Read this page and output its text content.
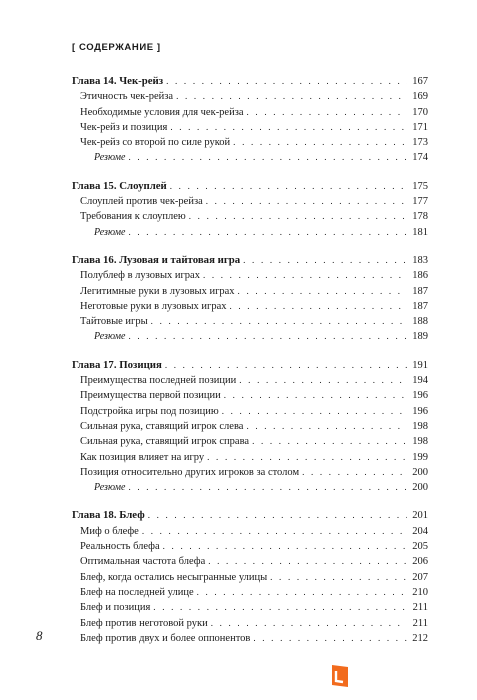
[ СОДЕРЖАНИЕ ]
Глава 14. Чек-рейз . . .	167
Этичность чек-рейза . . .	169
Необходимые условия для чек-рейза . . .	170
Чек-рейз и позиция . . .	171
Чек-рейз со второй по силе рукой . . .	173
Резюме . . .	174
Глава 15. Слоуплей . . .	175
Слоуплей против чек-рейза . . .	177
Требования к слоуплею . . .	178
Резюме . . .	181
Глава 16. Лузовая и тайтовая игра . . .	183
Полублеф в лузовых играх . . .	186
Легитимные руки в лузовых играх . . .	187
Неготовые руки в лузовых играх . . .	187
Тайтовые игры . . .	188
Резюме . . .	189
Глава 17. Позиция . . .	191
Преимущества последней позиции . . .	194
Преимущества первой позиции . . .	196
Подстройка игры под позицию . . .	196
Сильная рука, ставящий игрок слева . . .	198
Сильная рука, ставящий игрок справа . . .	198
Как позиция влияет на игру . . .	199
Позиция относительно других игроков за столом . . .	200
Резюме . . .	200
Глава 18. Блеф . . .	201
Миф о блефе . . .	204
Реальность блефа . . .	205
Оптимальная частота блефа . . .	206
Блеф, когда остались несыгранные улицы . . .	207
Блеф на последней улице . . .	210
Блеф и позиция . . .	211
Блеф против неготовой руки . . .	211
Блеф против двух и более оппонентов . . .	212
8
